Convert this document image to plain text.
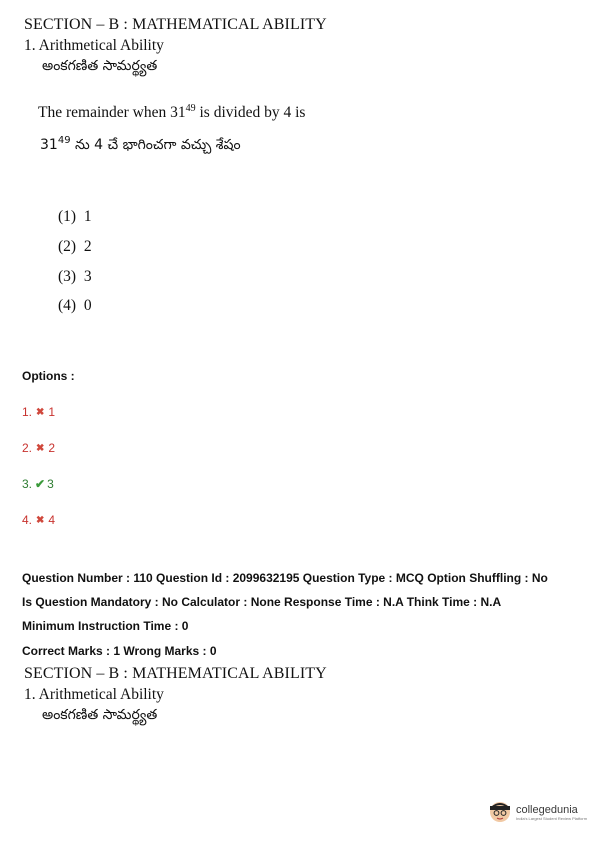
SECTION – B : MATHEMATICAL ABILITY
1. Arithmetical Ability
అంకగణిత సామర్థ్యత
The remainder when $31^{49}$ is divided by 4 is
$31^{49}$ ను 4 చే భాగించగా వచ్చు శేషం
(1) 1
(2) 2
(3) 3
(4) 0
Options :
1. ✖ 1
2. ✖ 2
3. ✔ 3
4. ✖ 4
Question Number : 110 Question Id : 2099632195 Question Type : MCQ Option Shuffling : No
Is Question Mandatory : No Calculator : None Response Time : N.A Think Time : N.A
Minimum Instruction Time : 0
Correct Marks : 1 Wrong Marks : 0
SECTION – B : MATHEMATICAL ABILITY
1. Arithmetical Ability
అంకగణిత సామర్థ్యత
collegedunia
India's Largest Student Review Platform
